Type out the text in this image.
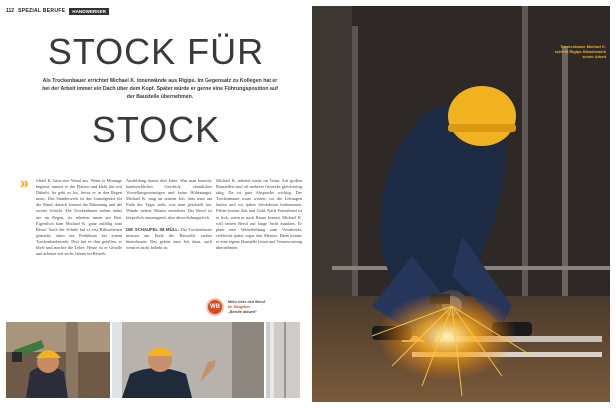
112 SPEZIAL BERUFE	HANDWERKER
STOCK FÜR
Als Trockenbauer errichtet Michael K. Innenwände aus Rigips. Im Gegensatz zu Kollegen hat er bei der Arbeit immer ein Dach über dem Kopf. Später würde er gerne eine Führungsposition auf der Baustelle übernehmen.
STOCK
» ichael K. baut eine Wand aus. Wenn er Montage beginnt, nimmt er die Platten und klebt ihn mit Dübeln. So geht es los, bevor er in den Regen muss. Das Ständerwerk ist das Grundgerüst für die Wand, danach kommt die Dämmung und die zweite Schicht. Die Trockenbauer stehen dabei nie im Regen, sie arbeiten innen am Bau. Eigentlich kam Michael K. ganz zufällig zum Beruf. Nach der Schule hat er erst Hilfsarbeiten gemacht, dann ein Praktikum bei einem Trockenbaubetrieb. Dort hat es ihm gefallen, er blieb und machte die Lehre. Heute ist er Geselle und arbeitet seit sechs Jahren im Betrieb.
Ausbildung dauert drei Jahre. Was man braucht: handwerkliches Geschick, räumliches Vorstellungsvermögen und keine Höhenangst. Michael K. mag an seinem Job, dass man am Ende des Tages sieht, was man geschafft hat. Wände stehen, Räume entstehen. Der Beruf ist körperlich anstrengend, aber abwechslungsreich.

DIE SCHAUFEL IM MÜLL. Die Trockenbauer müssen am Ende die Baustelle sauber hinterlassen. Das gehört zum Job dazu, auch wenn es nicht beliebt ist.
Michael K. arbeitet meist im Team. Auf großen Baustellen sind oft mehrere Gewerke gleichzeitig tätig. Da ist gute Absprache wichtig. Der Trockenbauer muss wissen, wo die Leitungen laufen und wo später Steckdosen hinkommen. Fehler kosten Zeit und Geld. Nach Feierabend ist er froh, wenn er nach Hause kommt. Michael K. will seinen Beruf auf lange Sicht ausüben. Er plant eine Weiterbildung zum Vorarbeiter, vielleicht später sogar den Meister. Dann könnte er eine eigene Baustelle leiten und Verantwortung übernehmen.
WB
Mehr über den Beruf
im Ratgeber
„Berufe aktuell“
Trockenbauer Michael K. schleift Rigips-Ständerwerk seiner Arbeit
